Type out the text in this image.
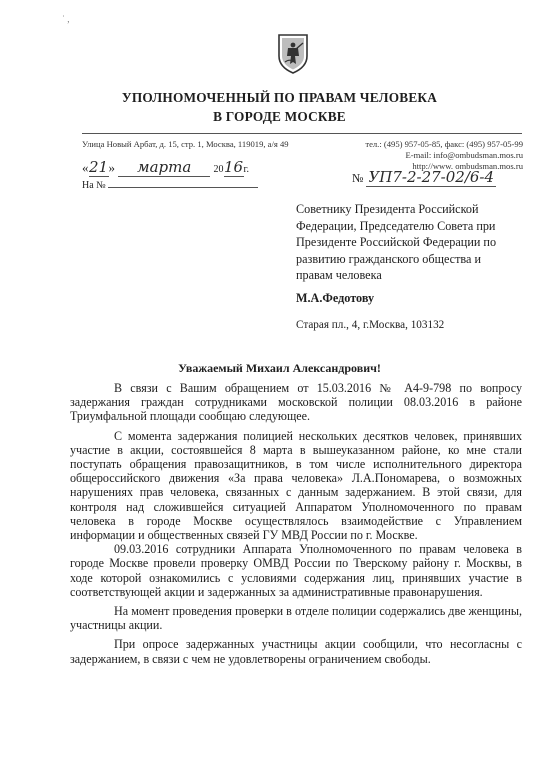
˙ ,
УПОЛНОМОЧЕННЫЙ ПО ПРАВАМ ЧЕЛОВЕКА
В ГОРОДЕ МОСКВЕ
Улица Новый Арбат, д. 15, стр. 1, Москва, 119019, а/я 49	тел.: (495) 957-05-85, факс: (495) 957-05-99
E-mail: info@ombudsman.mos.ru
http://www. ombudsman.mos.ru
«21» марта 2016г.
На №
№ УП7-2-27-02/6-4
Советнику Президента Российской
Федерации, Председателю Совета при
Президенте Российской Федерации по
развитию гражданского общества и
правам человека
М.А.Федотову
Старая пл., 4, г.Москва, 103132
Уважаемый Михаил Александрович!

В связи с Вашим обращением от 15.03.2016 № А4-9-798 по вопросу задержания граждан сотрудниками московской полиции 08.03.2016 в районе Триумфальной площади сообщаю следующее.

С момента задержания полицией нескольких десятков человек, принявших участие в акции, состоявшейся 8 марта в вышеуказанном районе, ко мне стали поступать обращения правозащитников, в том числе исполнительного директора общероссийского движения «За права человека» Л.А.Пономарева, о возможных нарушениях прав человека, связанных с данным задержанием. В этой связи, для контроля над сложившейся ситуацией Аппаратом Уполномоченного по правам человека в городе Москве осуществлялось взаимодействие с Управлением информации и общественных связей ГУ МВД России по г. Москве.

09.03.2016 сотрудники Аппарата Уполномоченного по правам человека в городе Москве провели проверку ОМВД России по Тверскому району г. Москвы, в ходе которой ознакомились с условиями содержания лиц, принявших участие в соответствующей акции и задержанных за административные правонарушения.

На момент проведения проверки в отделе полиции содержались две женщины, участницы акции.

При опросе задержанных участницы акции сообщили, что несогласны с задержанием, в связи с чем не удовлетворены ограничением свободы.
